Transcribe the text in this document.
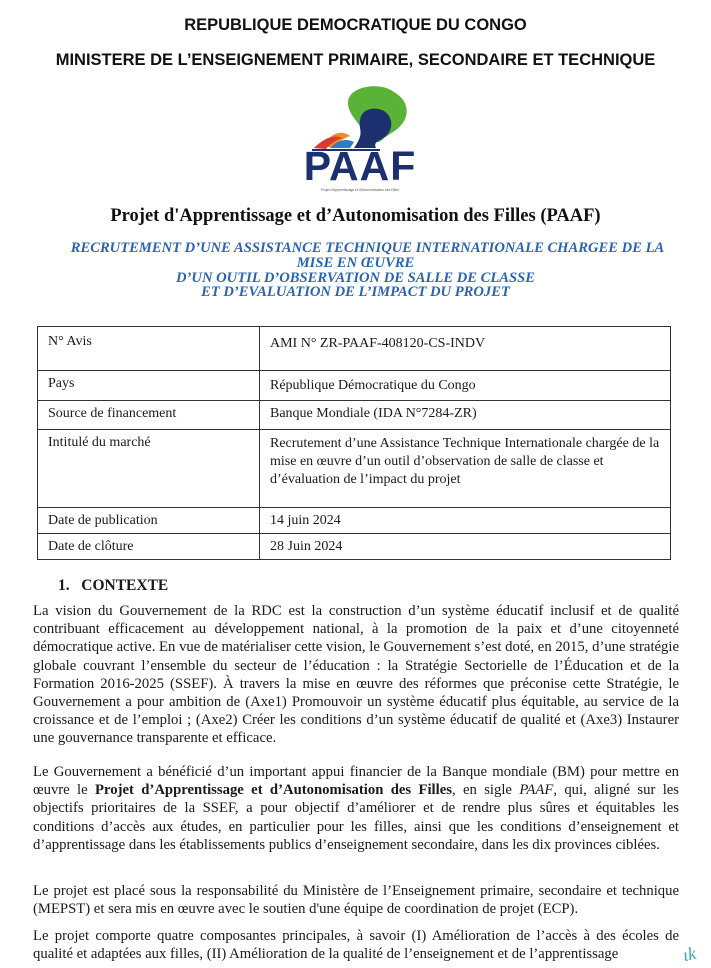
REPUBLIQUE DEMOCRATIQUE DU CONGO
MINISTERE DE L’ENSEIGNEMENT PRIMAIRE, SECONDAIRE ET TECHNIQUE
PAAF
Projet d'Apprentissage et d'Autonomisation des Filles
Projet d'Apprentissage et d’Autonomisation des Filles (PAAF)
RECRUTEMENT D’UNE ASSISTANCE TECHNIQUE INTERNATIONALE CHARGEE DE LA
MISE EN ŒUVRE
D’UN OUTIL D’OBSERVATION DE SALLE DE CLASSE
ET D’EVALUATION DE L’IMPACT DU PROJET
N° Avis	AMI N° ZR-PAAF-408120-CS-INDV
Pays	République Démocratique du Congo
Source de financement	Banque Mondiale (IDA N°7284-ZR)
Intitulé du marché	Recrutement d’une Assistance Technique Internationale chargée de la mise en œuvre d’un outil d’observation de salle de classe et d’évaluation de l’impact du projet
Date de publication	14 juin 2024
Date de clôture	28 Juin 2024
1. CONTEXTE

La vision du Gouvernement de la RDC est la construction d’un système éducatif inclusif et de qualité contribuant efficacement au développement national, à la promotion de la paix et d’une citoyenneté démocratique active. En vue de matérialiser cette vision, le Gouvernement s’est doté, en 2015, d’une stratégie globale couvrant l’ensemble du secteur de l’éducation : la Stratégie Sectorielle de l’Éducation et de la Formation 2016-2025 (SSEF). À travers la mise en œuvre des réformes que préconise cette Stratégie, le Gouvernement a pour ambition de (Axe1) Promouvoir un système éducatif plus équitable, au service de la croissance et de l’emploi ; (Axe2) Créer les conditions d’un système éducatif de qualité et (Axe3) Instaurer une gouvernance transparente et efficace.

Le Gouvernement a bénéficié d’un important appui financier de la Banque mondiale (BM) pour mettre en œuvre le Projet d’Apprentissage et d’Autonomisation des Filles, en sigle PAAF, qui, aligné sur les objectifs prioritaires de la SSEF, a pour objectif d’améliorer et de rendre plus sûres et équitables les conditions d’accès aux études, en particulier pour les filles, ainsi que les conditions d’enseignement et d’apprentissage dans les établissements publics d’enseignement secondaire, dans les dix provinces ciblées.

Le projet est placé sous la responsabilité du Ministère de l’Enseignement primaire, secondaire et technique (MEPST) et sera mis en œuvre avec le soutien d'une équipe de coordination de projet (ECP).

Le projet comporte quatre composantes principales, à savoir (I) Amélioration de l’accès à des écoles de qualité et adaptées aux filles, (II) Amélioration de la qualité de l’enseignement et de l’apprentissage	ɩk
